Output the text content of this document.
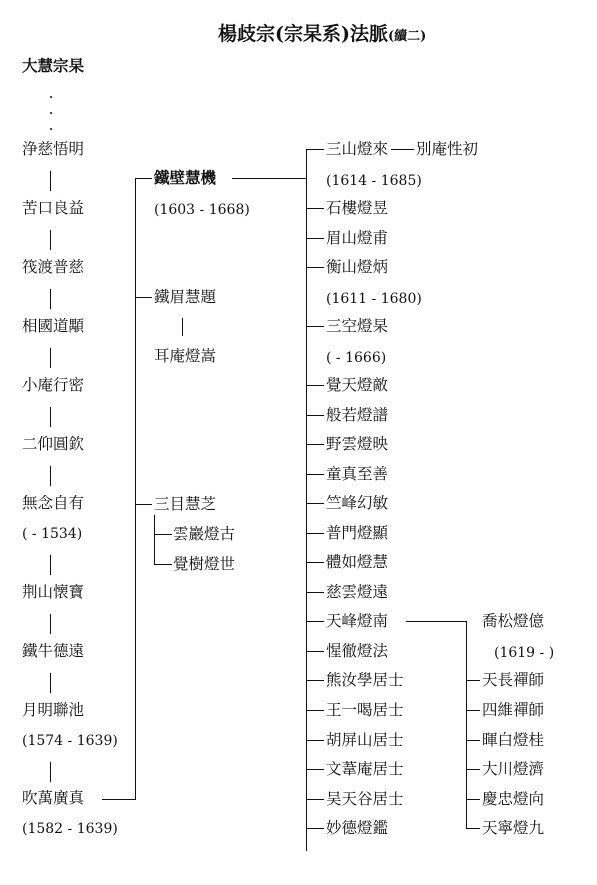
楊歧宗(宗杲系)法脈(續二)
大慧宗杲
浄慈悟明
苦口良益
筏渡普慈
相國道顒
小庵行密
二仰圓欽
無念自有
( - 1534)
荆山懐寶
鐵牛德遠
月明聯池
(1574 - 1639)
吹萬廣真
(1582 - 1639)
鐵壁慧機
(1603 - 1668)
鐵眉慧題
耳庵燈嵩
三目慧芝
雲巖燈古
覺樹燈世
三山燈來 別庵性初
(1614 - 1685)
石樓燈昱
眉山燈甫
衡山燈炳
(1611 - 1680)
三空燈杲
( - 1666)
覺天燈敵
般若燈譜
野雲燈映
童真至善
竺峰幻敏
普門燈顯
體如燈慧
慈雲燈遠
天峰燈南
惺徹燈法
熊汝學居士
王一喝居士
胡屏山居士
文葦庵居士
吴天谷居士
妙德燈鑑
喬松燈億
(1619 - )
天長禪師
四維禪師
暉白燈桂
大川燈濟
慶忠燈向
天寧燈九
